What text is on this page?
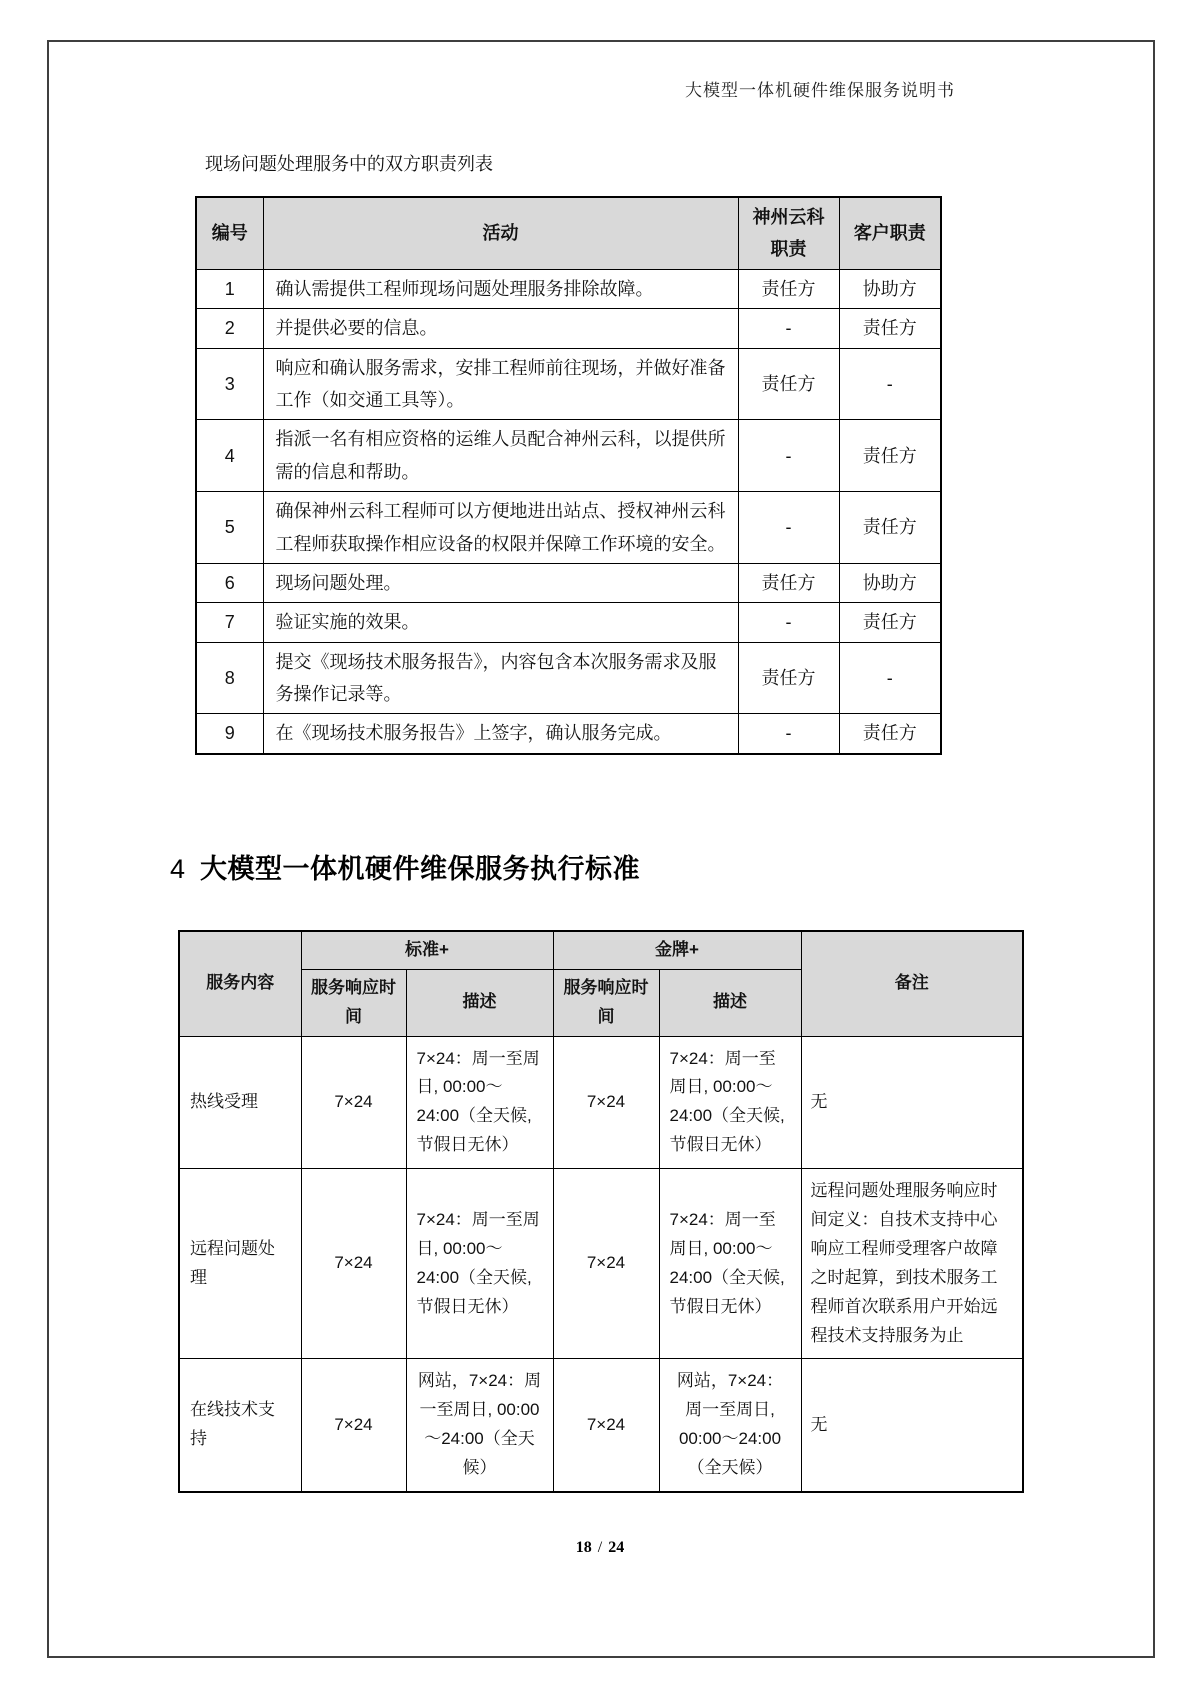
大模型一体机硬件维保服务说明书

现场问题处理服务中的双方职责列表

编号	活动	神州云科职责	客户职责
1	确认需提供工程师现场问题处理服务排除故障。	责任方	协助方
2	并提供必要的信息。	-	责任方
3	响应和确认服务需求，安排工程师前往现场，并做好准备工作（如交通工具等）。	责任方	-
4	指派一名有相应资格的运维人员配合神州云科，以提供所需的信息和帮助。	-	责任方
5	确保神州云科工程师可以方便地进出站点、授权神州云科工程师获取操作相应设备的权限并保障工作环境的安全。	-	责任方
6	现场问题处理。	责任方	协助方
7	验证实施的效果。	-	责任方
8	提交《现场技术服务报告》，内容包含本次服务需求及服务操作记录等。	责任方	-
9	在《现场技术服务报告》上签字，确认服务完成。	-	责任方
4 大模型一体机硬件维保服务执行标准
服务内容	标准+		金牌+		备注
	服务响应时间	描述	服务响应时间	描述	
热线受理	7×24	7×24：周一至周日, 00:00～24:00（全天候, 节假日无休）	7×24	7×24：周一至周日, 00:00～24:00（全天候, 节假日无休）	无
远程问题处理	7×24	7×24：周一至周日, 00:00～24:00（全天候, 节假日无休）	7×24	7×24：周一至周日, 00:00～24:00（全天候, 节假日无休）	远程问题处理服务响应时间定义：自技术支持中心响应工程师受理客户故障之时起算，到技术服务工程师首次联系用户开始远程技术支持服务为止
在线技术支持	7×24	网站，7×24：周一至周日, 00:00～24:00（全天候）	7×24	网站，7×24：周一至周日, 00:00～24:00（全天候）	无
18 / 24
